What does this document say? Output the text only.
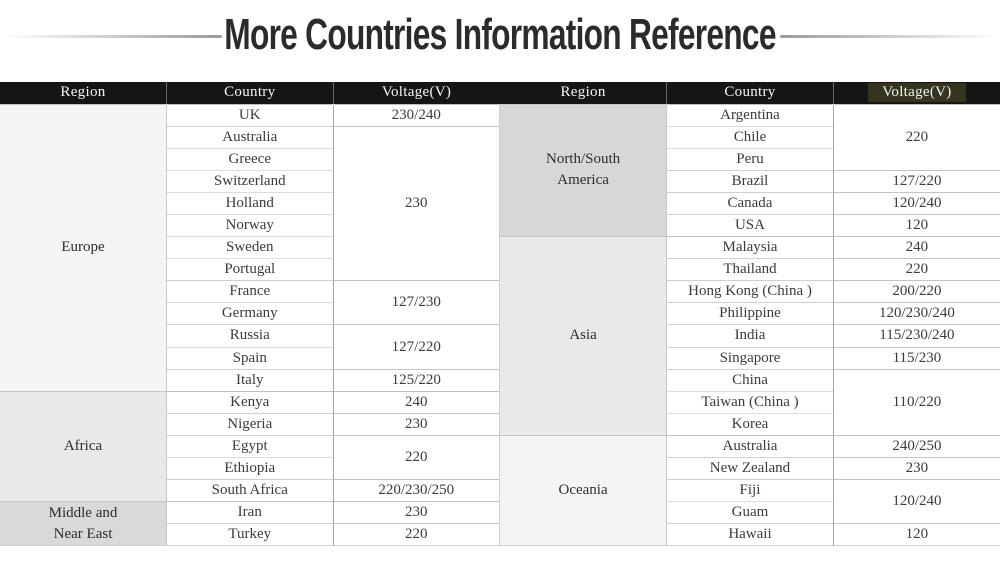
More Countries Information Reference
Region	Country	Voltage(V)

Europe	UK	230/240
	Australia	230
	Greece	
	Switzerland	
	Holland	
	Norway	
	Sweden	
	Portugal	
	France	127/230
	Germany	
	Russia	127/220
	Spain	
	Italy	125/220

Africa	Kenya	240
	Nigeria	230
	Egypt	220
	Ethiopia	
	South Africa	220/230/250

Middle and Near East	Iran	230
	Turkey	220
Region	Country	Voltage(V)

North/South America	Argentina	220
	Chile	
	Peru	
	Brazil	127/220
	Canada	120/240
	USA	120

Asia	Malaysia	240
	Thailand	220
	Hong Kong (China )	200/220
	Philippine	120/230/240
	India	115/230/240
	Singapore	115/230
	China	110/220
	Taiwan (China )	
	Korea	

Oceania	Australia	240/250
	New Zealand	230
	Fiji	120/240
	Guam	
	Hawaii	120
